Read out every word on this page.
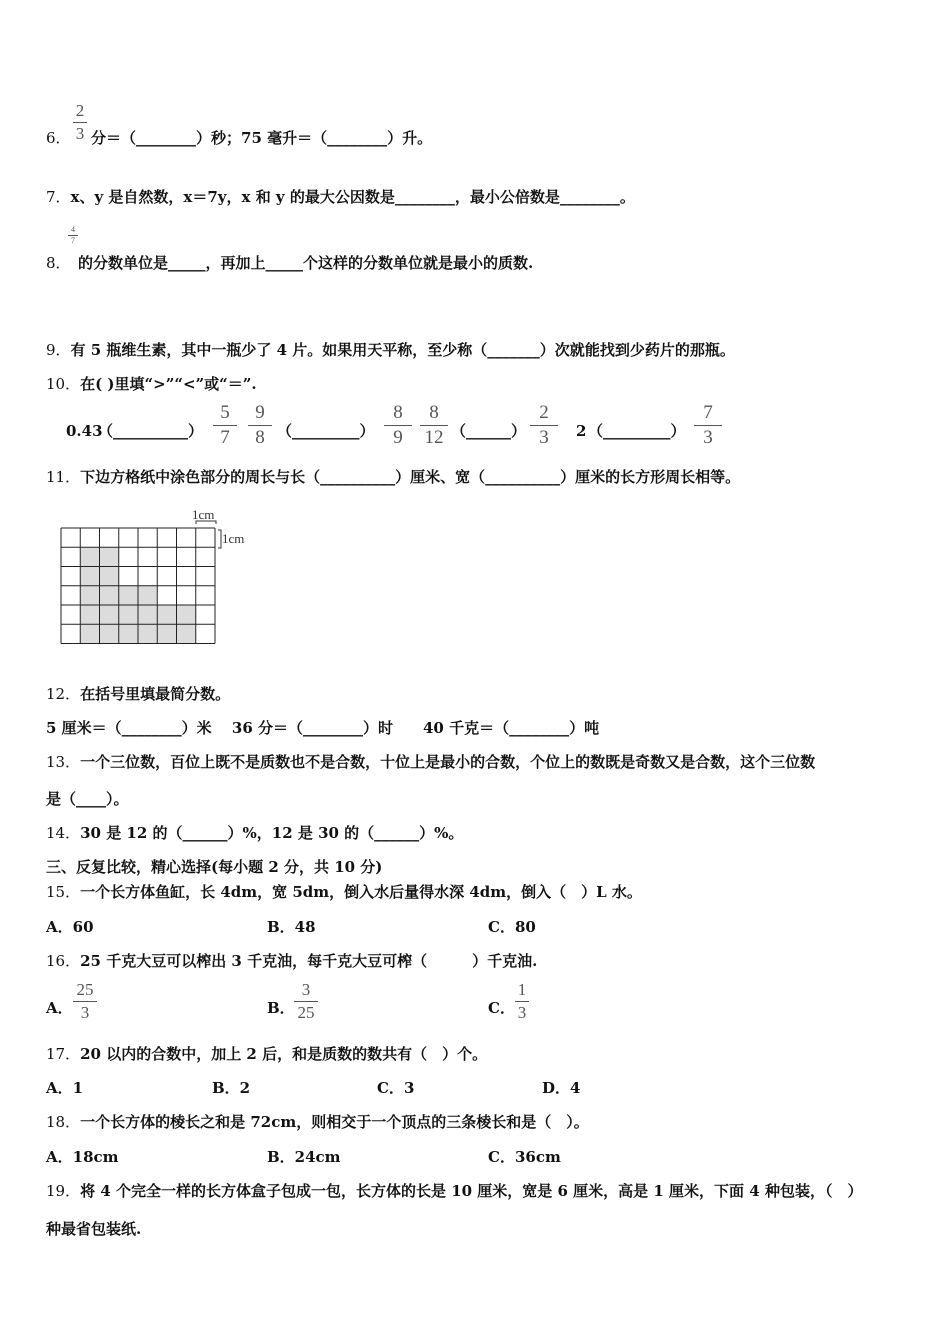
6．
2
3 分＝（________）秒；75 毫升＝（________）升。
7．x、y 是自然数，x＝7y，x 和 y 的最大公因数是________，最小公倍数是________。
4
7
8． 的分数单位是_____，再加上_____个这样的分数单位就是最小的质数.
9．有 5 瓶维生素，其中一瓶少了 4 片。如果用天平称，至少称（_______）次就能找到少药片的那瓶。
10．在( )里填“>”“<”或“＝”.
0.43
（__________）
5
7
9
8 （_________）
8
9
8
12 （______）
2
3	2 （_________）
7
3
11．下边方格纸中涂色部分的周长与长（__________）厘米、宽（__________）厘米的长方形周长相等。
1cm
1cm
12．在括号里填最简分数。
5 厘米＝（________）米　 36 分＝（________）时　　40 千克＝（________）吨
13．一个三位数，百位上既不是质数也不是合数，十位上是最小的合数，个位上的数既是奇数又是合数，这个三位数
是（____）。
14．30 是 12 的（______）%，12 是 30 的（______）%。
三、反复比较，精心选择(每小题 2 分，共 10 分)
15．一个长方体鱼缸，长 4dm，宽 5dm，倒入水后量得水深 4dm，倒入（　）L 水。
A．60	B．48	C．80
16．25 千克大豆可以榨出 3 千克油，每千克大豆可榨（　　　）千克油.
A．
25
3	B．
3
25	C．
1
3
17．20 以内的合数中，加上 2 后，和是质数的数共有（　）个。
A．1	B．2	C．3	D．4
18．一个长方体的棱长之和是 72cm，则相交于一个顶点的三条棱长和是（　）。
A．18cm	B．24cm	C．36cm
19．将 4 个完全一样的长方体盒子包成一包，长方体的长是 10 厘米，宽是 6 厘米，高是 1 厘米，下面 4 种包装，（　）
种最省包装纸.
